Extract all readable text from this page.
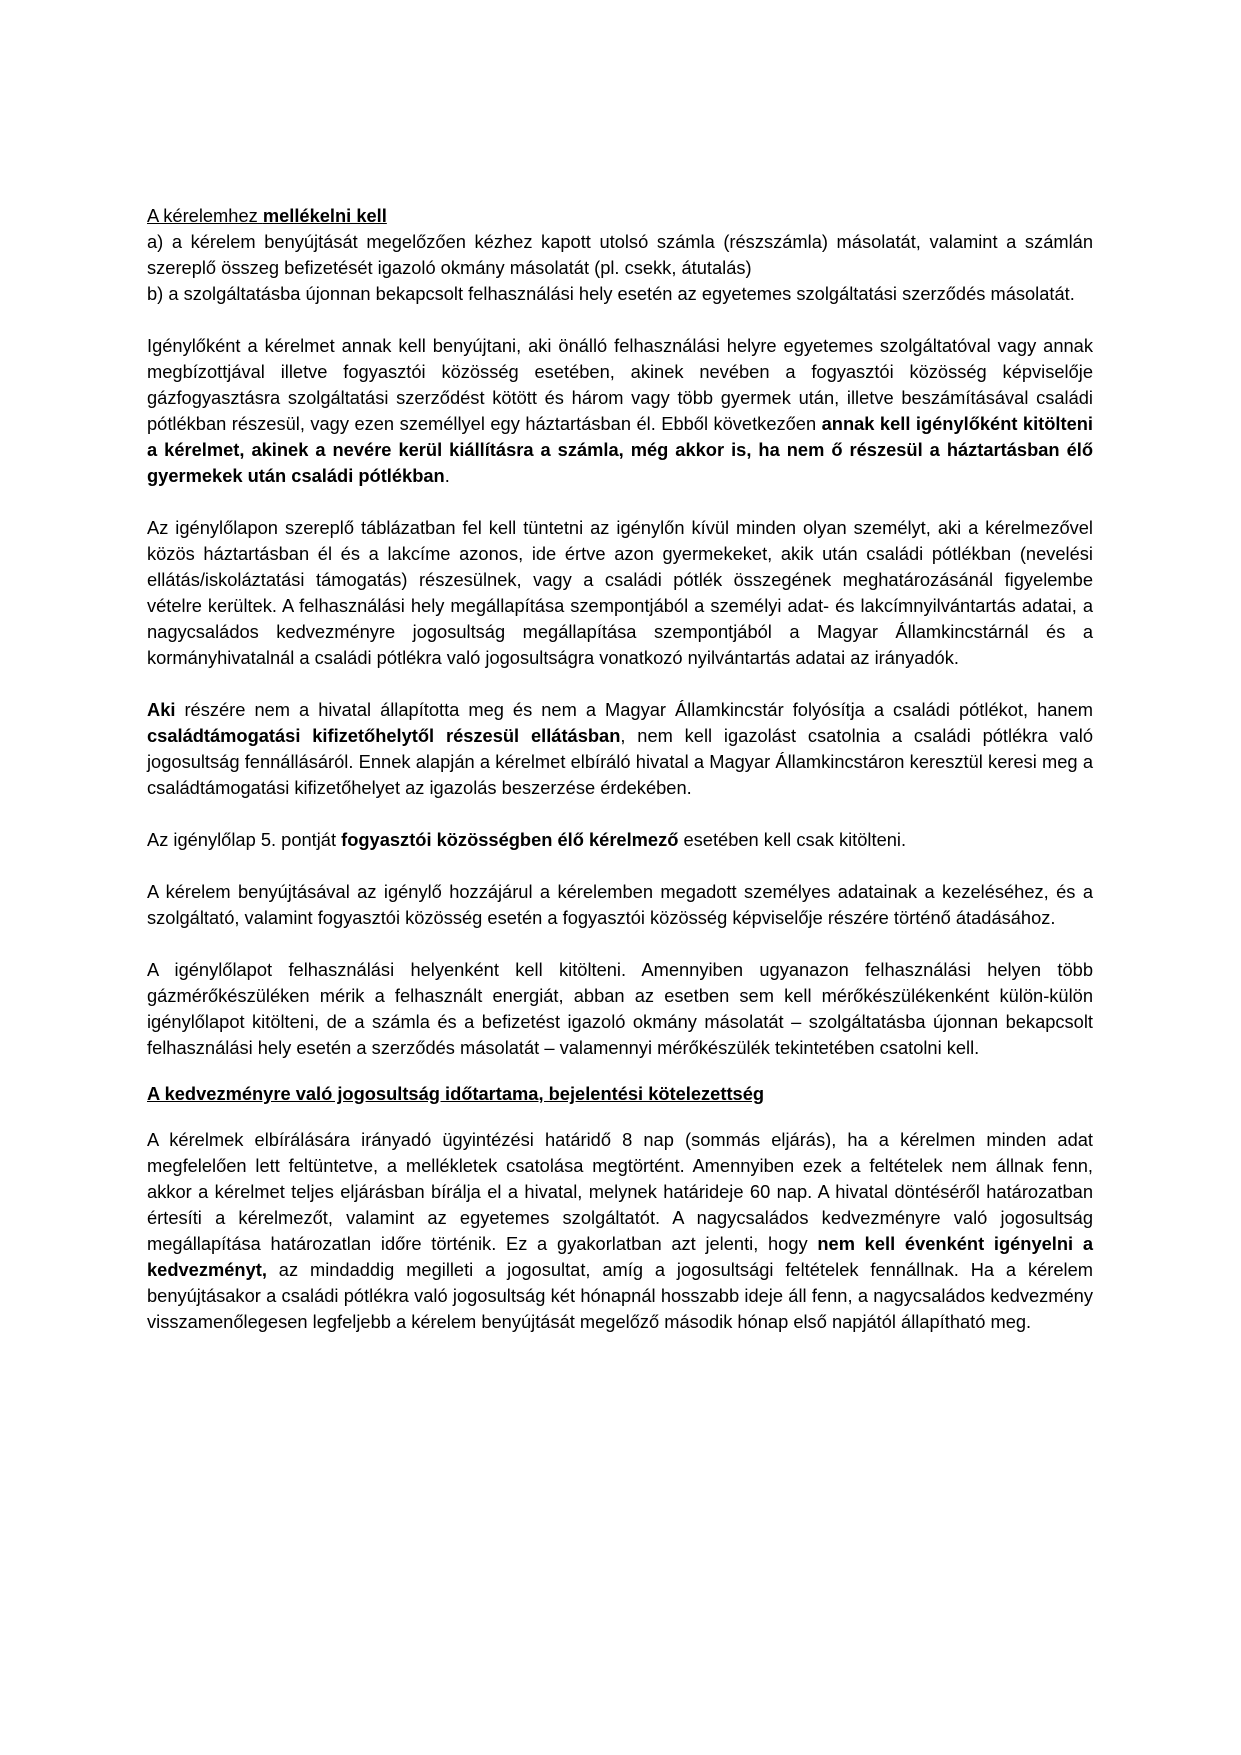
A kérelemhez mellékelni kell

a) a kérelem benyújtását megelőzően kézhez kapott utolsó számla (részszámla) másolatát, valamint a számlán szereplő összeg befizetését igazoló okmány másolatát (pl. csekk, átutalás)

b) a szolgáltatásba újonnan bekapcsolt felhasználási hely esetén az egyetemes szolgáltatási szerződés másolatát.

Igénylőként a kérelmet annak kell benyújtani, aki önálló felhasználási helyre egyetemes szolgáltatóval vagy annak megbízottjával illetve fogyasztói közösség esetében, akinek nevében a fogyasztói közösség képviselője gázfogyasztásra szolgáltatási szerződést kötött és három vagy több gyermek után, illetve beszámításával családi pótlékban részesül, vagy ezen személlyel egy háztartásban él. Ebből következően annak kell igénylőként kitölteni a kérelmet, akinek a nevére kerül kiállításra a számla, még akkor is, ha nem ő részesül a háztartásban élő gyermekek után családi pótlékban.

Az igénylőlapon szereplő táblázatban fel kell tüntetni az igénylőn kívül minden olyan személyt, aki a kérelmezővel közös háztartásban él és a lakcíme azonos, ide értve azon gyermekeket, akik után családi pótlékban (nevelési ellátás/iskoláztatási támogatás) részesülnek, vagy a családi pótlék összegének meghatározásánál figyelembe vételre kerültek. A felhasználási hely megállapítása szempontjából a személyi adat- és lakcímnyilvántartás adatai, a nagycsaládos kedvezményre jogosultság megállapítása szempontjából a Magyar Államkincstárnál és a kormányhivatalnál a családi pótlékra való jogosultságra vonatkozó nyilvántartás adatai az irányadók.

Aki részére nem a hivatal állapította meg és nem a Magyar Államkincstár folyósítja a családi pótlékot, hanem családtámogatási kifizetőhelytől részesül ellátásban, nem kell igazolást csatolnia a családi pótlékra való jogosultság fennállásáról. Ennek alapján a kérelmet elbíráló hivatal a Magyar Államkincstáron keresztül keresi meg a családtámogatási kifizetőhelyet az igazolás beszerzése érdekében.

Az igénylőlap 5. pontját fogyasztói közösségben élő kérelmező esetében kell csak kitölteni.

A kérelem benyújtásával az igénylő hozzájárul a kérelemben megadott személyes adatainak a kezeléséhez, és a szolgáltató, valamint fogyasztói közösség esetén a fogyasztói közösség képviselője részére történő átadásához.

A igénylőlapot felhasználási helyenként kell kitölteni. Amennyiben ugyanazon felhasználási helyen több gázmérőkészüléken mérik a felhasznált energiát, abban az esetben sem kell mérőkészülékenként külön-külön igénylőlapot kitölteni, de a számla és a befizetést igazoló okmány másolatát – szolgáltatásba újonnan bekapcsolt felhasználási hely esetén a szerződés másolatát – valamennyi mérőkészülék tekintetében csatolni kell.

A kedvezményre való jogosultság időtartama, bejelentési kötelezettség

A kérelmek elbírálására irányadó ügyintézési határidő 8 nap (sommás eljárás), ha a kérelmen minden adat megfelelően lett feltüntetve, a mellékletek csatolása megtörtént. Amennyiben ezek a feltételek nem állnak fenn, akkor a kérelmet teljes eljárásban bírálja el a hivatal, melynek határideje 60 nap. A hivatal döntéséről határozatban értesíti a kérelmezőt, valamint az egyetemes szolgáltatót. A nagycsaládos kedvezményre való jogosultság megállapítása határozatlan időre történik. Ez a gyakorlatban azt jelenti, hogy nem kell évenként igényelni a kedvezményt, az mindaddig megilleti a jogosultat, amíg a jogosultsági feltételek fennállnak. Ha a kérelem benyújtásakor a családi pótlékra való jogosultság két hónapnál hosszabb ideje áll fenn, a nagycsaládos kedvezmény visszamenőlegesen legfeljebb a kérelem benyújtását megelőző második hónap első napjától állapítható meg.
